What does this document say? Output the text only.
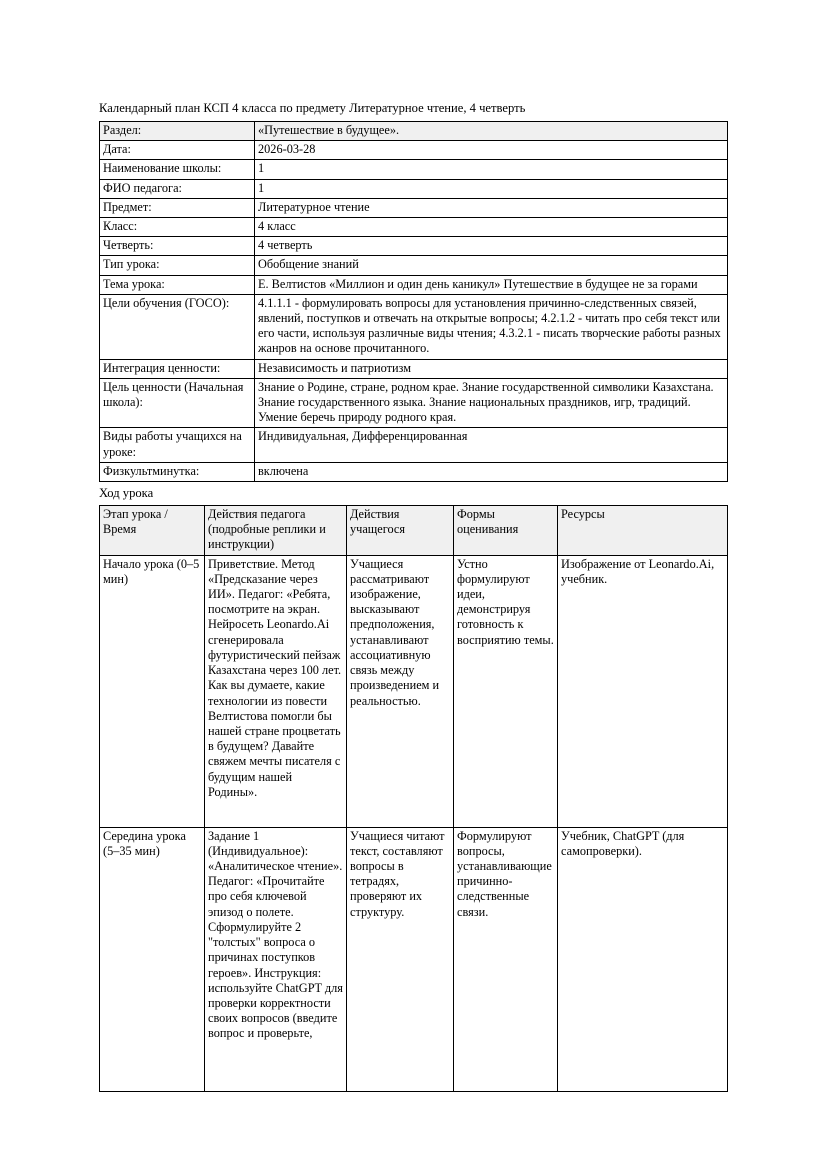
Календарный план КСП 4 класса по предмету Литературное чтение, 4 четверть
Раздел:	«Путешествие в будущее».
Дата:	2026-03-28
Наименование школы:	1
ФИО педагога:	1
Предмет:	Литературное чтение
Класс:	4 класс
Четверть:	4 четверть
Тип урока:	Обобщение знаний
Тема урока:	Е. Велтистов «Миллион и один день каникул» Путешествие в будущее не за горами
Цели обучения (ГОСО):	4.1.1.1 - формулировать вопросы для установления причинно-следственных связей, явлений, поступков и отвечать на открытые вопросы; 4.2.1.2 - читать про себя текст или его части, используя различные виды чтения; 4.3.2.1 - писать творческие работы разных жанров на основе прочитанного.
Интеграция ценности:	Независимость и патриотизм
Цель ценности (Начальная школа):	Знание о Родине, стране, родном крае. Знание государственной символики Казахстана. Знание государственного языка. Знание национальных праздников, игр, традиций. Умение беречь природу родного края.
Виды работы учащихся на уроке:	Индивидуальная, Дифференцированная
Физкультминутка:	включена
Ход урока
Этап урока / Время	Действия педагога (подробные реплики и инструкции)	Действия учащегося	Формы оценивания	Ресурсы
Начало урока (0–5 мин)	Приветствие. Метод «Предсказание через ИИ». Педагог: «Ребята, посмотрите на экран. Нейросеть Leonardo.Ai сгенерировала футуристический пейзаж Казахстана через 100 лет. Как вы думаете, какие технологии из повести Велтистова помогли бы нашей стране процветать в будущем? Давайте свяжем мечты писателя с будущим нашей Родины».	Учащиеся рассматривают изображение, высказывают предположения, устанавливают ассоциативную связь между произведением и реальностью.	Устно формулируют идеи, демонстрируя готовность к восприятию темы.	Изображение от Leonardo.Ai, учебник.
Середина урока (5–35 мин)	Задание 1 (Индивидуальное): «Аналитическое чтение». Педагог: «Прочитайте про себя ключевой эпизод о полете. Сформулируйте 2 "толстых" вопроса о причинах поступков героев». Инструкция: используйте ChatGPT для проверки корректности своих вопросов (введите вопрос и проверьте,	Учащиеся читают текст, составляют вопросы в тетрадях, проверяют их структуру.	Формулируют вопросы, устанавливающие причинно-следственные связи.	Учебник, ChatGPT (для самопроверки).
